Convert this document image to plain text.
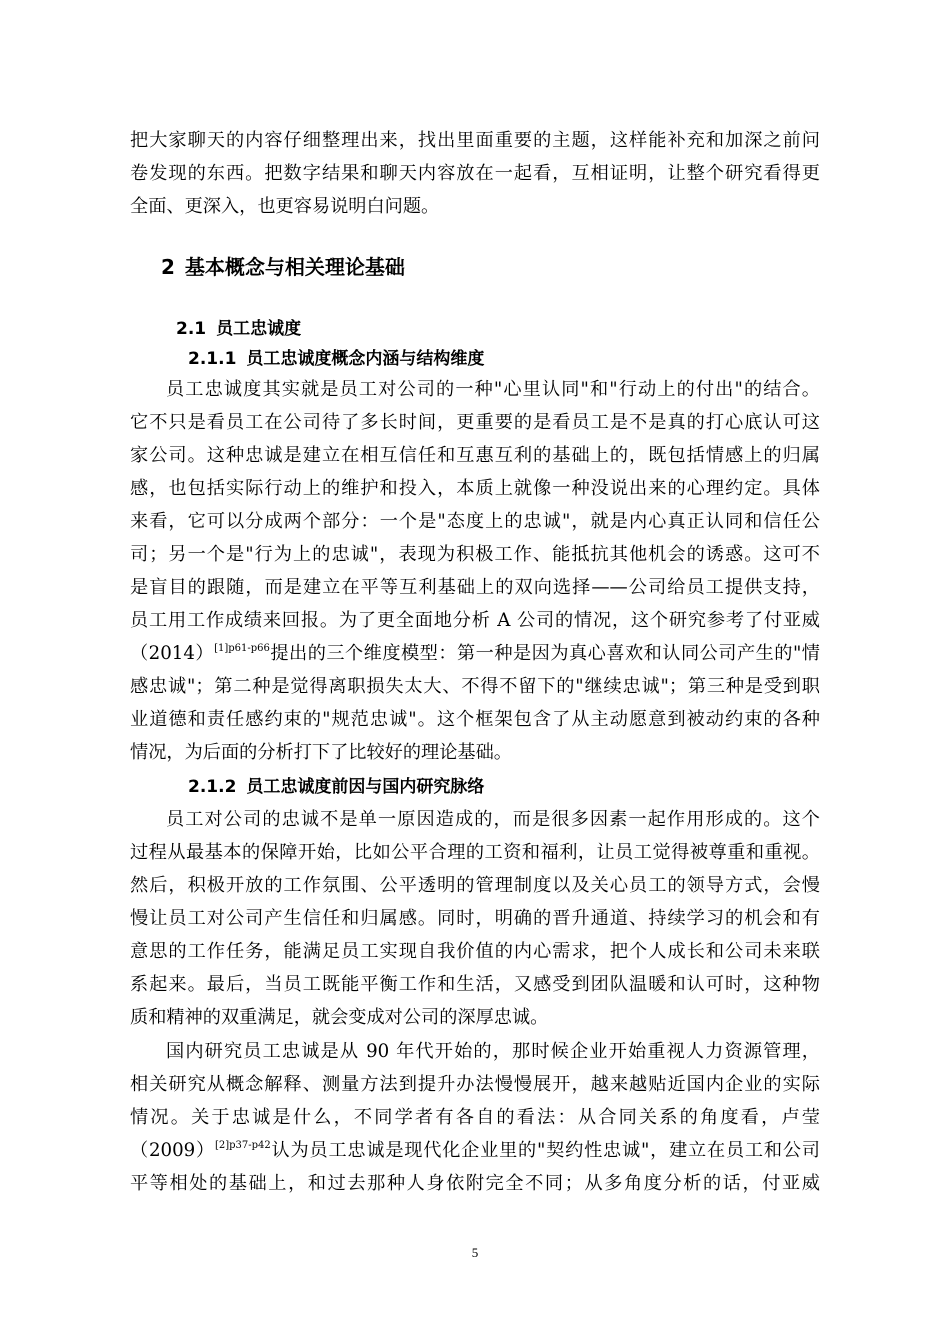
把大家聊天的内容仔细整理出来，找出里面重要的主题，这样能补充和加深之前问
卷发现的东西。把数字结果和聊天内容放在一起看，互相证明，让整个研究看得更
全面、更深入，也更容易说明白问题。
2 基本概念与相关理论基础
2.1 员工忠诚度
2.1.1 员工忠诚度概念内涵与结构维度
员工忠诚度其实就是员工对公司的一种"心里认同"和"行动上的付出"的结合。
它不只是看员工在公司待了多长时间，更重要的是看员工是不是真的打心底认可这
家公司。这种忠诚是建立在相互信任和互惠互利的基础上的，既包括情感上的归属
感，也包括实际行动上的维护和投入，本质上就像一种没说出来的心理约定。具体
来看，它可以分成两个部分：一个是"态度上的忠诚"，就是内心真正认同和信任公
司；另一个是"行为上的忠诚"，表现为积极工作、能抵抗其他机会的诱惑。这可不
是盲目的跟随，而是建立在平等互利基础上的双向选择——公司给员工提供支持，
员工用工作成绩来回报。为了更全面地分析 A 公司的情况，这个研究参考了付亚威
（2014）$^{[1]p61-p66}$提出的三个维度模型：第一种是因为真心喜欢和认同公司产生的"情
感忠诚"；第二种是觉得离职损失太大、不得不留下的"继续忠诚"；第三种是受到职
业道德和责任感约束的"规范忠诚"。这个框架包含了从主动愿意到被动约束的各种
情况，为后面的分析打下了比较好的理论基础。
2.1.2 员工忠诚度前因与国内研究脉络
员工对公司的忠诚不是单一原因造成的，而是很多因素一起作用形成的。这个
过程从最基本的保障开始，比如公平合理的工资和福利，让员工觉得被尊重和重视。
然后，积极开放的工作氛围、公平透明的管理制度以及关心员工的领导方式，会慢
慢让员工对公司产生信任和归属感。同时，明确的晋升通道、持续学习的机会和有
意思的工作任务，能满足员工实现自我价值的内心需求，把个人成长和公司未来联
系起来。最后，当员工既能平衡工作和生活，又感受到团队温暖和认可时，这种物
质和精神的双重满足，就会变成对公司的深厚忠诚。
国内研究员工忠诚是从 90 年代开始的，那时候企业开始重视人力资源管理，
相关研究从概念解释、测量方法到提升办法慢慢展开，越来越贴近国内企业的实际
情况。关于忠诚是什么，不同学者有各自的看法：从合同关系的角度看，卢莹
（2009）$^{[2]p37-p42}$认为员工忠诚是现代化企业里的"契约性忠诚"，建立在员工和公司
平等相处的基础上，和过去那种人身依附完全不同；从多角度分析的话，付亚威
5
